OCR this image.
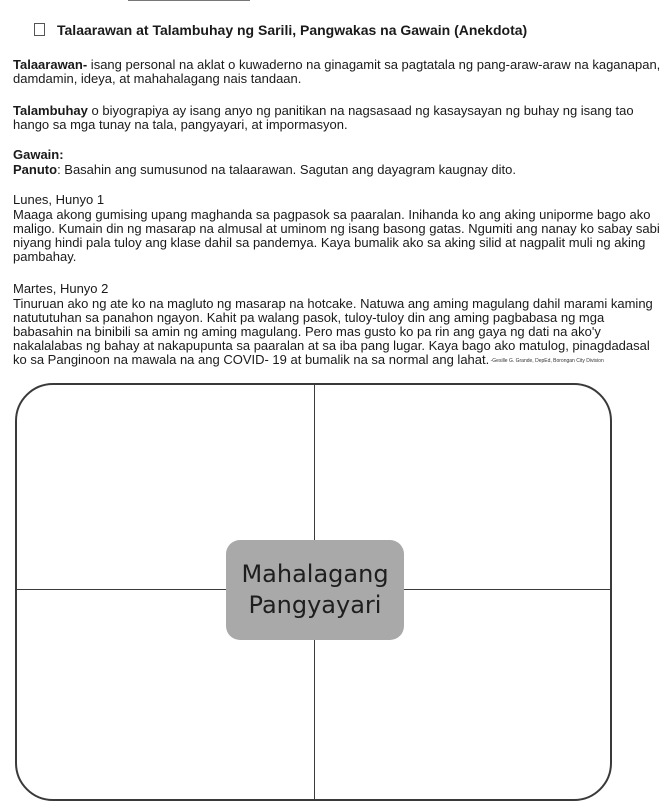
Talaarawan at Talambuhay ng Sarili, Pangwakas na Gawain (Anekdota)

Talaarawan- isang personal na aklat o kuwaderno na ginagamit sa pagtatala ng pang-araw-araw na kaganapan, damdamin, ideya, at mahahalagang nais tandaan.

Talambuhay o biyograpiya ay isang anyo ng panitikan na nagsasaad ng kasaysayan ng buhay ng isang tao hango sa mga tunay na tala, pangyayari, at impormasyon.

Gawain:

Panuto: Basahin ang sumusunod na talaarawan. Sagutan ang dayagram kaugnay dito.

Lunes, Hunyo 1

Maaga akong gumising upang maghanda sa pagpasok sa paaralan. Inihanda ko ang aking uniporme bago ako maligo. Kumain din ng masarap na almusal at uminom ng isang basong gatas. Ngumiti ang nanay ko sabay sabi niyang hindi pala tuloy ang klase dahil sa pandemya. Kaya bumalik ako sa aking silid at nagpalit muli ng aking pambahay.

Martes, Hunyo 2

Tinuruan ako ng ate ko na magluto ng masarap na hotcake. Natuwa ang aming magulang dahil marami kaming natututuhan sa panahon ngayon. Kahit pa walang pasok, tuloy-tuloy din ang aming pagbabasa ng mga babasahin na binibili sa amin ng aming magulang. Pero mas gusto ko pa rin ang gaya ng dati na ako'y nakalalabas ng bahay at nakapupunta sa paaralan at sa iba pang lugar. Kaya bago ako matulog, pinagdadasal ko sa Panginoon na mawala na ang COVID- 19 at bumalik na sa normal ang lahat. -Gesille G. Grande, DepEd, Borongan City Division

Mahalagang
Pangyayari
